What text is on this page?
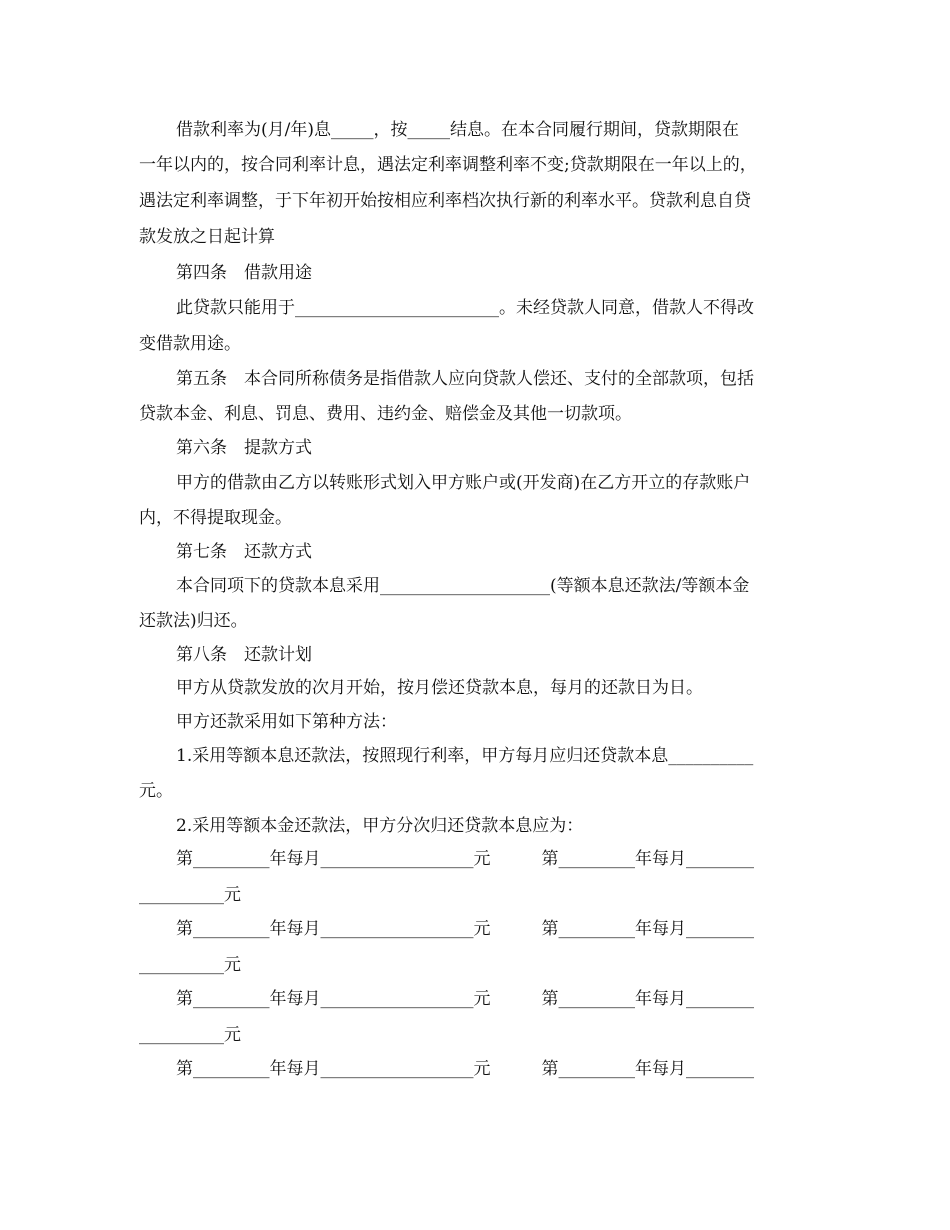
借款利率为(月/年)息_____，按_____结息。在本合同履行期间，贷款期限在
一年以内的，按合同利率计息，遇法定利率调整利率不变;贷款期限在一年以上的，
遇法定利率调整，于下年初开始按相应利率档次执行新的利率水平。贷款利息自贷
款发放之日起计算
第四条　借款用途
此贷款只能用于________________________。未经贷款人同意，借款人不得改
变借款用途。
第五条　本合同所称债务是指借款人应向贷款人偿还、支付的全部款项，包括
贷款本金、利息、罚息、费用、违约金、赔偿金及其他一切款项。
第六条　提款方式
甲方的借款由乙方以转账形式划入甲方账户或(开发商)在乙方开立的存款账户
内，不得提取现金。
第七条　还款方式
本合同项下的贷款本息采用____________________(等额本息还款法/等额本金
还款法)归还。
第八条　还款计划
甲方从贷款发放的次月开始，按月偿还贷款本息，每月的还款日为日。
甲方还款采用如下第种方法：
1.采用等额本息还款法，按照现行利率，甲方每月应归还贷款本息__________
元。
2.采用等额本金还款法，甲方分次归还贷款本息应为：
第_________年每月__________________元　　　第_________年每月________
__________元
第_________年每月__________________元　　　第_________年每月________
__________元
第_________年每月__________________元　　　第_________年每月________
__________元
第_________年每月__________________元　　　第_________年每月________
